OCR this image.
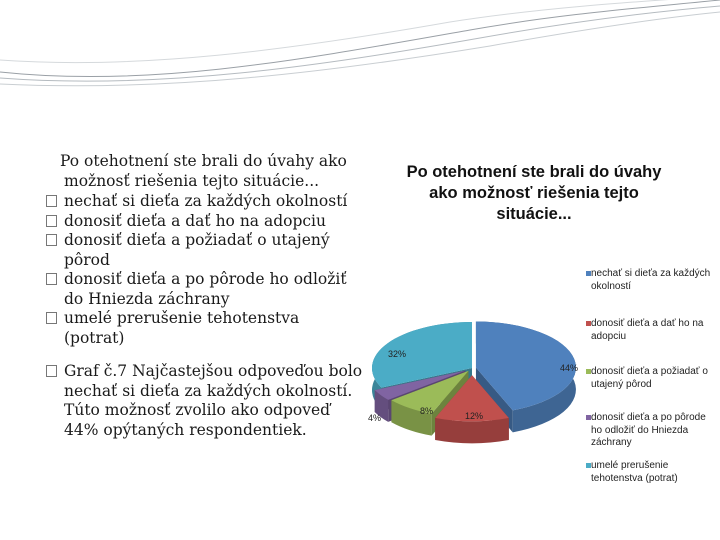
Po otehotnení ste brali do úvahy ako možnosť riešenia tejto situácie...
nechať si dieťa za každých okolností
donosiť dieťa a dať ho na adopciu
donosiť dieťa a požiadať o utajený pôrod
donosiť dieťa a po pôrode ho odložiť do Hniezda záchrany
umelé prerušenie tehotenstva (potrat)
Graf č.7 Najčastejšou odpoveďou bolo nechať si dieťa za každých okolností. Túto možnosť zvolilo ako odpoveď 44% opýtaných respondentiek.
Po otehotnení ste brali do úvahy ako možnosť riešenia tejto situácie...
44%
12%
8%
4%
32%
nechať si dieťa za každých okolností
donosiť dieťa a dať ho na adopciu
donosiť dieťa a požiadať o utajený pôrod
donosiť dieťa a po pôrode ho odložiť do Hniezda záchrany
umelé prerušenie tehotenstva (potrat)
